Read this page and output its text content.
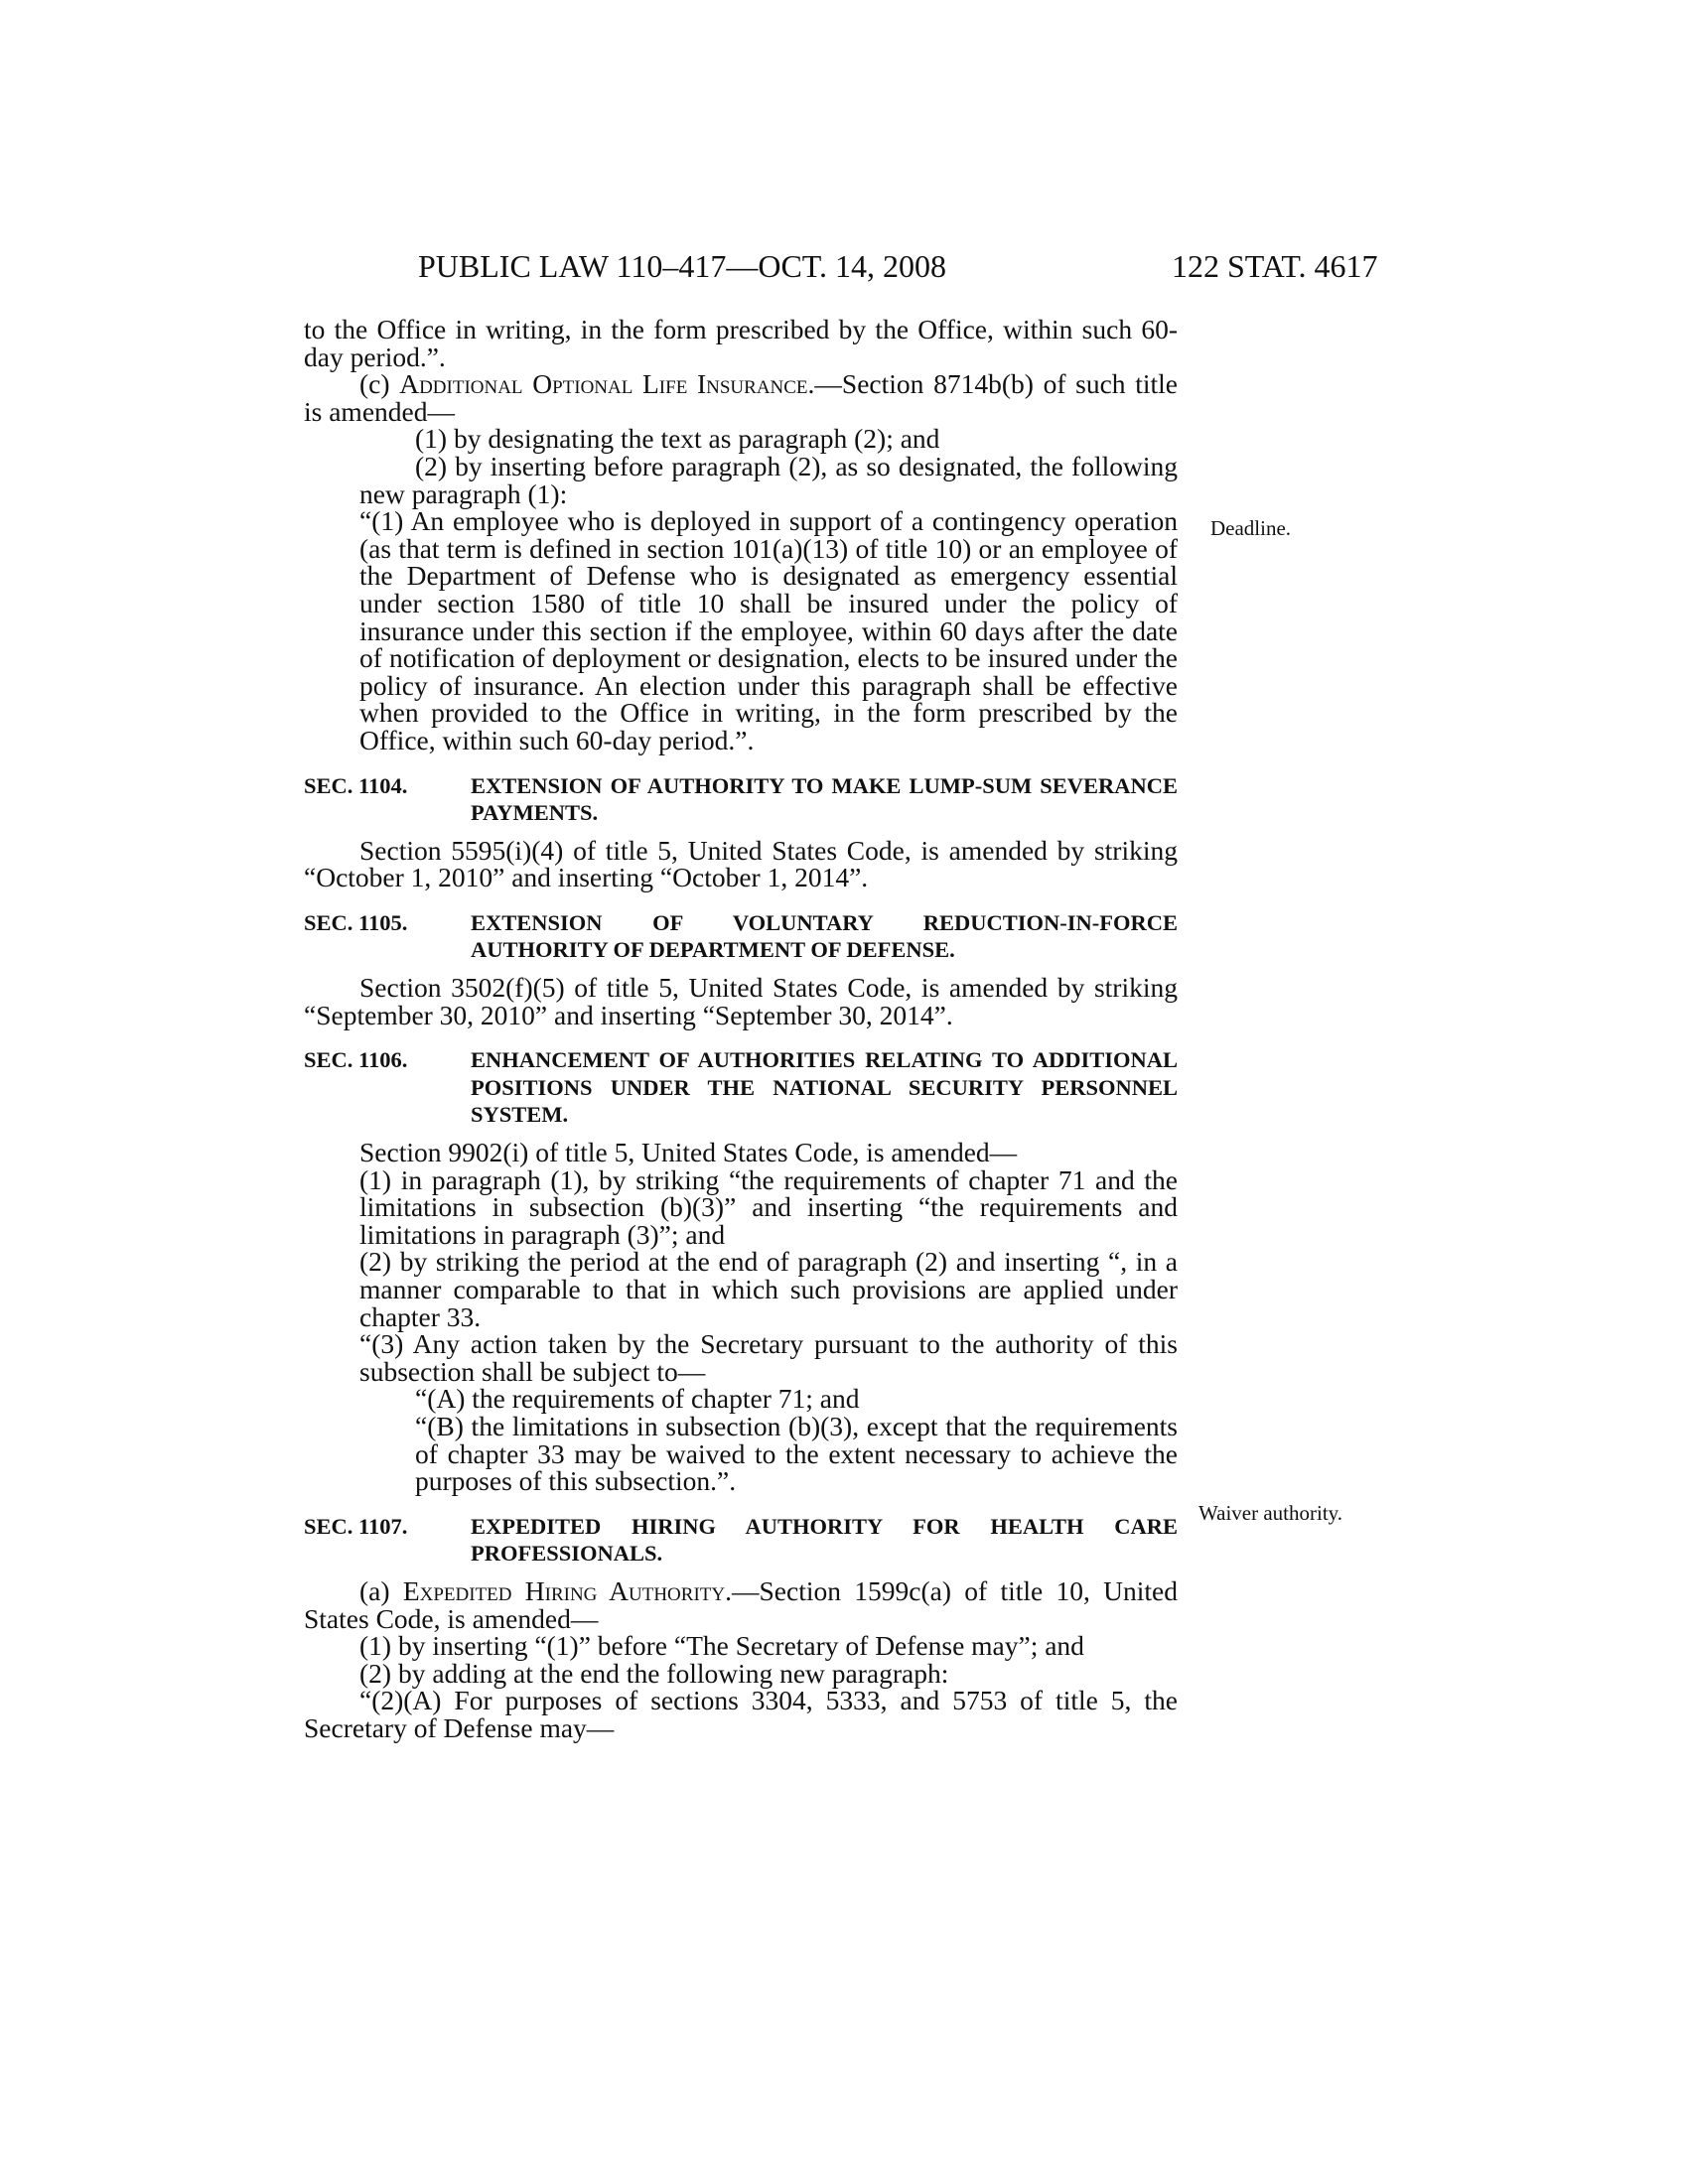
PUBLIC LAW 110–417—OCT. 14, 2008	122 STAT. 4617
Deadline.
Waiver authority.

to the Office in writing, in the form prescribed by the Office, within such 60-day period.”.

(c) Additional Optional Life Insurance.—Section 8714b(b) of such title is amended—

(1) by designating the text as paragraph (2); and

(2) by inserting before paragraph (2), as so designated, the following new paragraph (1):

“(1) An employee who is deployed in support of a contingency operation (as that term is defined in section 101(a)(13) of title 10) or an employee of the Department of Defense who is designated as emergency essential under section 1580 of title 10 shall be insured under the policy of insurance under this section if the employee, within 60 days after the date of notification of deployment or designation, elects to be insured under the policy of insurance. An election under this paragraph shall be effective when provided to the Office in writing, in the form prescribed by the Office, within such 60-day period.”.

SEC. 1104.	EXTENSION OF AUTHORITY TO MAKE LUMP-SUM SEVERANCE PAYMENTS.

Section 5595(i)(4) of title 5, United States Code, is amended by striking “October 1, 2010” and inserting “October 1, 2014”.

SEC. 1105.	EXTENSION OF VOLUNTARY REDUCTION-IN-FORCE AUTHORITY OF DEPARTMENT OF DEFENSE.

Section 3502(f)(5) of title 5, United States Code, is amended by striking “September 30, 2010” and inserting “September 30, 2014”.

SEC. 1106.	ENHANCEMENT OF AUTHORITIES RELATING TO ADDITIONAL POSITIONS UNDER THE NATIONAL SECURITY PERSONNEL SYSTEM.

Section 9902(i) of title 5, United States Code, is amended—

(1) in paragraph (1), by striking “the requirements of chapter 71 and the limitations in subsection (b)(3)” and inserting “the requirements and limitations in paragraph (3)”; and

(2) by striking the period at the end of paragraph (2) and inserting “, in a manner comparable to that in which such provisions are applied under chapter 33.

“(3) Any action taken by the Secretary pursuant to the authority of this subsection shall be subject to—

“(A) the requirements of chapter 71; and

“(B) the limitations in subsection (b)(3), except that the requirements of chapter 33 may be waived to the extent necessary to achieve the purposes of this subsection.”.

SEC. 1107.	EXPEDITED HIRING AUTHORITY FOR HEALTH CARE PROFESSIONALS.

(a) Expedited Hiring Authority.—Section 1599c(a) of title 10, United States Code, is amended—

(1) by inserting “(1)” before “The Secretary of Defense may”; and

(2) by adding at the end the following new paragraph:

“(2)(A) For purposes of sections 3304, 5333, and 5753 of title 5, the Secretary of Defense may—
